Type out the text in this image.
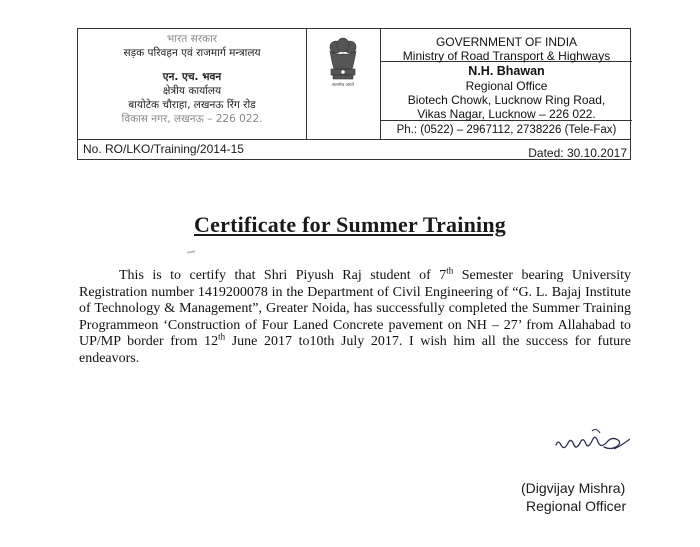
भारत सरकार
सड़क परिवहन एवं राजमार्ग मन्त्रालय
एन. एच. भवन
क्षेत्रीय कार्यालय
बायोटेक चौराहा, लखनऊ रिंग रोड
विकास नगर, लखनऊ – 226 022.
सत्यमेव जयते
GOVERNMENT OF INDIA
Ministry of Road Transport & Highways
N.H. Bhawan
Regional Office
Biotech Chowk, Lucknow Ring Road,
Vikas Nagar, Lucknow – 226 022.
Ph.: (0522) – 2967112, 2738226 (Tele-Fax)
No. RO/LKO/Training/2014-15	Dated: 30.10.2017
Certificate for Summer Training
This is to certify that Shri Piyush Raj student of 7th Semester bearing University Registration number 1419200078 in the Department of Civil Engineering of “G. L. Bajaj Institute of Technology & Management”, Greater Noida, has successfully completed the Summer Training Programmeon ‘Construction of Four Laned Concrete pavement on NH – 27’ from Allahabad to UP/MP border from 12th June 2017 to10th July 2017. I wish him all the success for future endeavors.
(Digvijay Mishra)
Regional Officer
